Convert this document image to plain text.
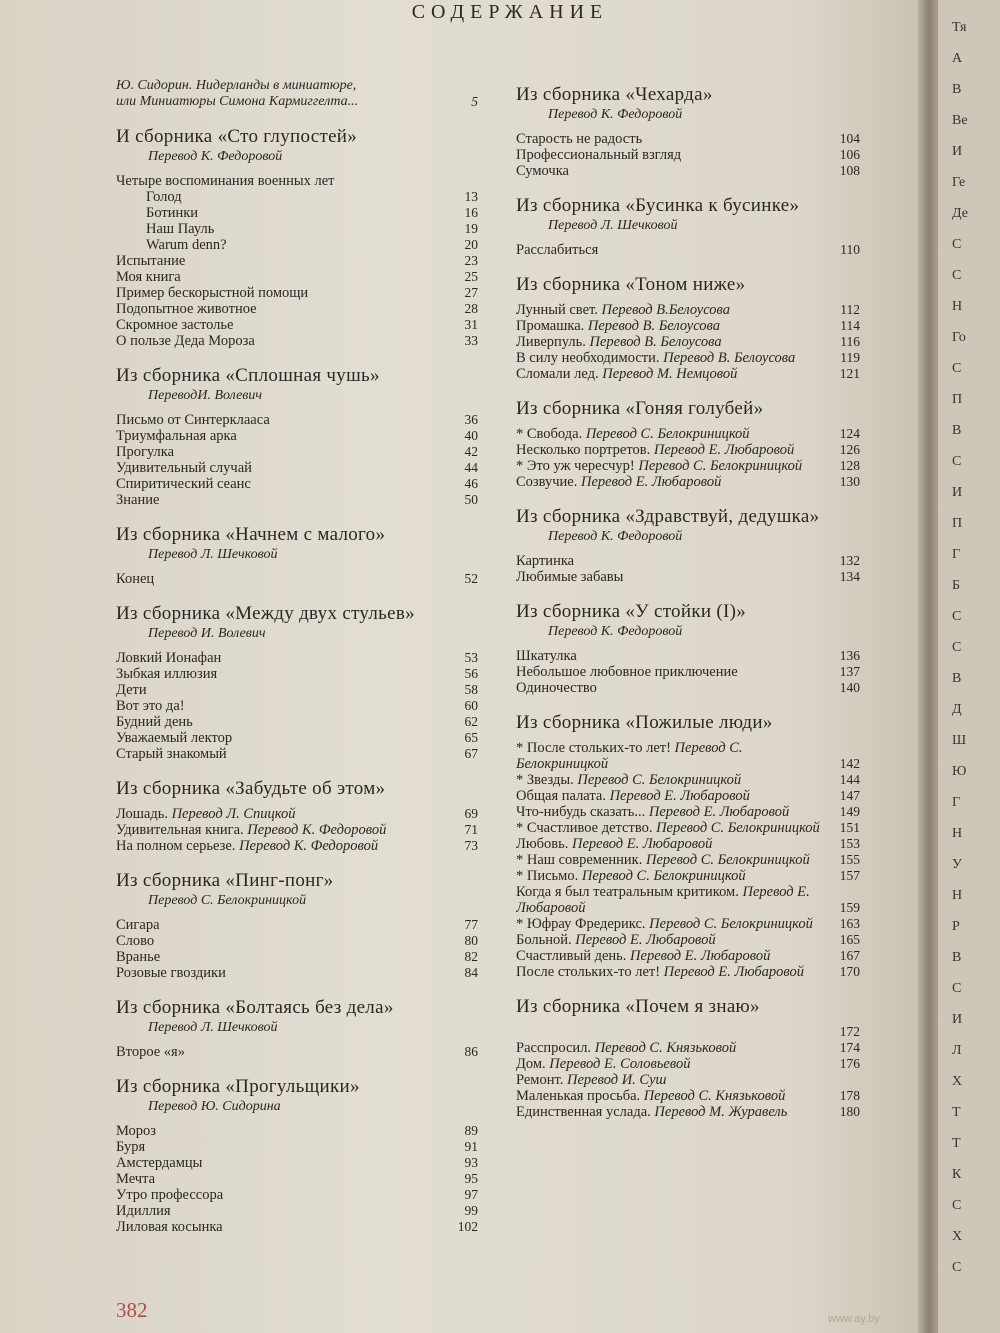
СОДЕРЖАНИЕ
Ю. Сидорин. Нидерланды в миниатюре,
или Миниатюры Симона Кармиггелта...	5
И сборника «Сто глупостей»
Перевод К. Федоровой
Четыре воспоминания военных лет
Голод	13
Ботинки	16
Наш Пауль	19
Warum denn?	20
Испытание	23
Моя книга	25
Пример бескорыстной помощи	27
Подопытное животное	28
Скромное застолье	31
О пользе Деда Мороза	33
Из сборника «Сплошная чушь»
ПереводИ. Волевич
Письмо от Синтерклааса	36
Триумфальная арка	40
Прогулка	42
Удивительный случай	44
Спиритический сеанс	46
Знание	50
Из сборника «Начнем с малого»
Перевод Л. Шечковой
Конец	52
Из сборника «Между двух стульев»
Перевод И. Волевич
Ловкий Ионафан	53
Зыбкая иллюзия	56
Дети	58
Вот это да!	60
Будний день	62
Уважаемый лектор	65
Старый знакомый	67
Из сборника «Забудьте об этом»
Лошадь. Перевод Л. Спицкой	69
Удивительная книга. Перевод К. Федоровой	71
На полном серьезе. Перевод К. Федоровой	73
Из сборника «Пинг-понг»
Перевод С. Белокриницкой
Сигара	77
Слово	80
Вранье	82
Розовые гвоздики	84
Из сборника «Болтаясь без дела»
Перевод Л. Шечковой
Второе «я»	86
Из сборника «Прогульщики»
Перевод Ю. Сидорина
Мороз	89
Буря	91
Амстердамцы	93
Мечта	95
Утро профессора	97
Идиллия	99
Лиловая косынка	102
Из сборника «Чехарда»
Перевод К. Федоровой
Старость не радость	104
Профессиональный взгляд	106
Сумочка	108
Из сборника «Бусинка к бусинке»
Перевод Л. Шечковой
Расслабиться	110
Из сборника «Тоном ниже»
Лунный свет. Перевод В.Белоусова	112
Промашка. Перевод В. Белоусова	114
Ливерпуль. Перевод В. Белоусова	116
В силу необходимости. Перевод В. Белоусова	119
Сломали лед. Перевод М. Немцовой	121
Из сборника «Гоняя голубей»
* Свобода. Перевод С. Белокриницкой	124
Несколько портретов. Перевод Е. Любаровой	126
* Это уж чересчур! Перевод С. Белокриницкой	128
Созвучие. Перевод Е. Любаровой	130
Из сборника «Здравствуй, дедушка»
Перевод К. Федоровой
Картинка	132
Любимые забавы	134
Из сборника «У стойки (I)»
Перевод К. Федоровой
Шкатулка	136
Небольшое любовное приключение	137
Одиночество	140
Из сборника «Пожилые люди»
* После стольких-то лет! Перевод С. Белокриницкой	142
* Звезды. Перевод С. Белокриницкой	144
Общая палата. Перевод Е. Любаровой	147
Что-нибудь сказать... Перевод Е. Любаровой	149
* Счастливое детство. Перевод С. Белокриницкой	151
Любовь. Перевод Е. Любаровой	153
* Наш современник. Перевод С. Белокриницкой	155
* Письмо. Перевод С. Белокриницкой	157
Когда я был театральным критиком. Перевод Е. Любаровой	159
* Юфрау Фредерикс. Перевод С. Белокриницкой	163
Больной. Перевод Е. Любаровой	165
Счастливый день. Перевод Е. Любаровой	167
После стольких-то лет! Перевод Е. Любаровой	170
Из сборника «Почем я знаю»
172
Расспросил. Перевод С. Князьковой	174
Дом. Перевод Е. Соловьевой	176
Ремонт. Перевод И. Суш
Маленькая просьба. Перевод С. Князьковой	178
Единственная услада. Перевод М. Журавель	180
382	www.ay.by
Тя
А
В
Ве
И
Ге
Де
С
С
Н
Го
С
П
В
С
И
П
Г
Б
С
С
В
Д
Ш
Ю
Г
Н
У
Н
Р
В
С
И
Л
Х
Т
Т
К
С
Х
С
